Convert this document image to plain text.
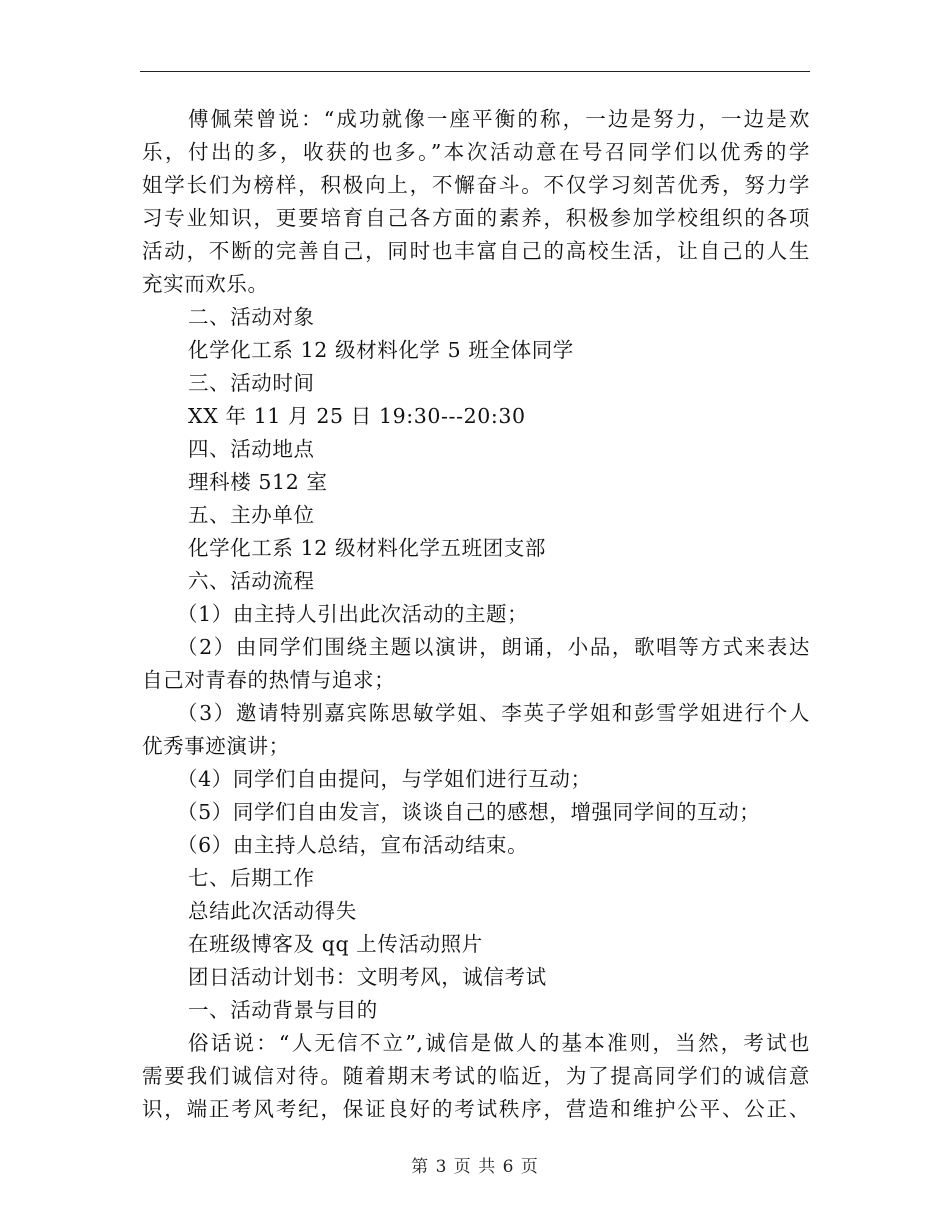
傅佩荣曾说：“成功就像一座平衡的称，一边是努力，一边是欢
乐，付出的多，收获的也多。”本次活动意在号召同学们以优秀的学
姐学长们为榜样，积极向上，不懈奋斗。不仅学习刻苦优秀，努力学
习专业知识，更要培育自己各方面的素养，积极参加学校组织的各项
活动，不断的完善自己，同时也丰富自己的高校生活，让自己的人生
充实而欢乐。
二、活动对象
化学化工系 12 级材料化学 5 班全体同学
三、活动时间
XX 年 11 月 25 日 19:30---20:30
四、活动地点
理科楼 512 室
五、主办单位
化学化工系 12 级材料化学五班团支部
六、活动流程
（1）由主持人引出此次活动的主题；
（2）由同学们围绕主题以演讲，朗诵，小品，歌唱等方式来表达
自己对青春的热情与追求；
（3）邀请特别嘉宾陈思敏学姐、李英子学姐和彭雪学姐进行个人
优秀事迹演讲；
（4）同学们自由提问，与学姐们进行互动；
（5）同学们自由发言，谈谈自己的感想，增强同学间的互动；
（6）由主持人总结，宣布活动结束。
七、后期工作
总结此次活动得失
在班级博客及 qq 上传活动照片
团日活动计划书：文明考风，诚信考试
一、活动背景与目的
俗话说：“人无信不立”,诚信是做人的基本准则，当然，考试也
需要我们诚信对待。随着期末考试的临近，为了提高同学们的诚信意
识，端正考风考纪，保证良好的考试秩序，营造和维护公平、公正、
第 3 页 共 6 页
